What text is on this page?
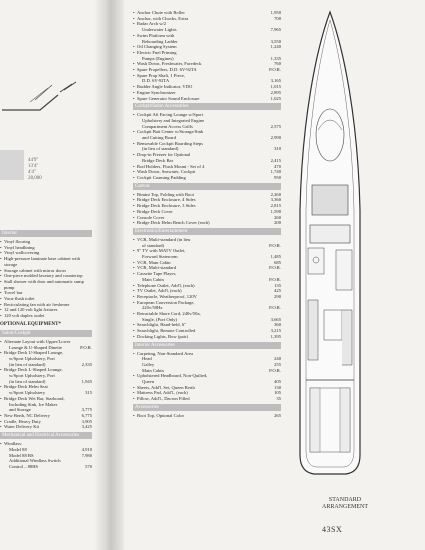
44'9"
13'4"
4'4"
28,000
Interior
• Vinyl flooring
• Vinyl headlining
• Vinyl wallcovering
• High-pressure laminate base cabinet with storage
• Storage cabinet with mirror doors
• One-piece molded lavatory and countertop
• Stall shower with door and automatic sump pump
• Towel bar
• Vacu-flush toilet
• Recirculating fan with air freshener
• 12 and 120 volt light fixtures
• 120 volt duplex outlet
OPTIONAL EQUIPMENT*
Salon/Cockpit
• Alternate Layout with Upper/Lower
Lounge & U-Shaped Dinette	P.O.R.
• Bridge Deck U-Shaped Lounge,
w/Sport Upholstery, Port
(in lieu of standard)	2,335
• Bridge Deck L-Shaped Lounge,
w/Sport Upholstery, Port
(in lieu of standard)	1,945
• Bridge Deck Helm Seat
w/Sport Upholstery	315
• Bridge Deck Wet Bar, Starboard,
Including Sink, Ice Maker
and Storage	3,775
• New Berth, NC Delivery	6,775
• Cradle, Heavy Duty	3,905
• Water Delivery Kit	3,425
Mechanical and Electrical Accessories
• Windlass:
Model 88	4,910
Model 88 BS	7,980
Additional Windlass Switch
Control – 88HS	570
• Anchor Chute with Roller	1,950
• Anchor, with Chocks, Extra	700
• Radar Arch w/2
Underwater Lights	7,965
• Swim Platform with
Reboarding Ladder	3,550
• Oil Changing System	1,240
• Electric Fuel Priming
Pumps (Engines)	1,335
• Wash Down, Freshwater, Foredeck	760
• Spare Propellers, D.D. 6V-92TA	P.O.R.
• Spare Prop Shaft, 1 Piece,
D.D. 6V-92TA	3,165
• Rudder Angle Indicator, VDO	1,015
• Engine Synchronizer	2,895
• Spare Generator Sound Enclosure	1,025
Cockpit/Salon Accessories
• Cockpit Aft Facing Lounge w/Sport
Upholstery and Integrated Engine
Compartment Access Grills	2,575
• Cockpit Bait Center w/Storage/Sink
and Cutting Board	2,990
• Removable Cockpit Boarding Steps
(in lieu of standard)	310
• Drop-in Freezer for Optional
Bridge Deck Bar	2,415
• Rod Holders, Flush Mount - Set of 4	470
• Wash Down, Seawater, Cockpit	1,740
• Cockpit Coaming Padding	950
Canvas
• Bimini Top, Folding with Boot	2,260
• Bridge Deck Enclosure, 4 Sides	3,360
• Bridge Deck Enclosure, 3 Sides	2,815
• Bridge Deck Cover	1,590
• Console Cover	260
• Bridge Deck Helm Bench Cover (each)	200
Electronics/Entertainment
• VCR, Multi-standard (in lieu
of standard)	P.O.R.
• 9" TV with MATV Outlet,
Forward Stateroom	1,485
• VCR, Main Cabin	685
• VCR, Multi-standard	P.O.R.
• Cassette Tape Player,
Main Cabin	P.O.R.
• Telephone Outlet, Add'l, (each)	135
• TV Outlet, Add'l, (each)	425
• Receptacle, Weatherproof, 120V	290
• European Conversion Package,
220v/50Hz	P.O.R.
• Retractable Shore Cord, 240v/50a,
Single, (Port Only)	3,665
• Searchlight, Hand-held, 6"	360
• Searchlight, Remote Controlled	3,215
• Docking Lights, Bow (pair)	1,395
Interior Accessories
• Carpeting, Non-Standard Area
Head	240
Galley	255
Main Cabin	P.O.R.
• Upholstered Headboard, Non-Quilted,
Queen	405
• Sheets, Add'l. Set, Queen Berth	130
• Mattress Pad, Add'l., (each)	105
• Pillow, Add'l., Dacron Filled	35
Accessories
• Boot Top, Optional Color	265
STANDARD
ARRANGEMENT
43SX
